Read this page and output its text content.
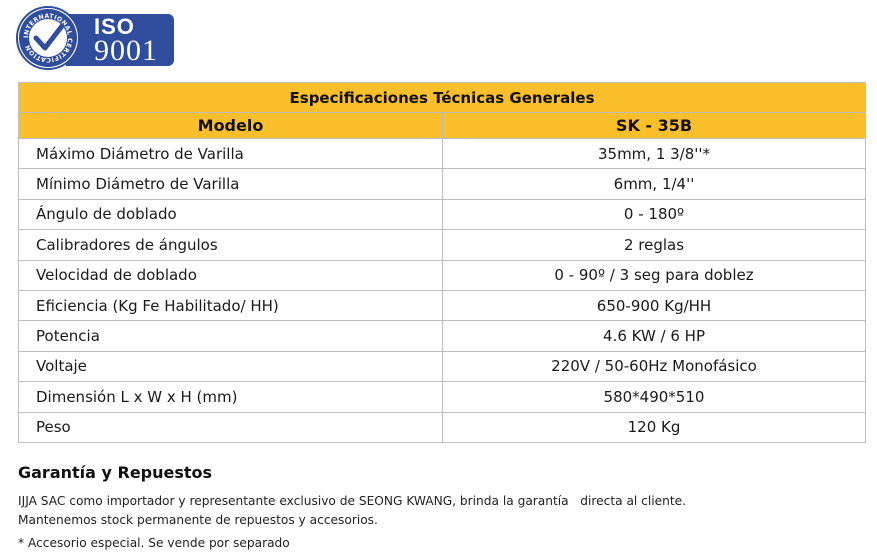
INTERNATIONAL CERTIFICATION
ISO
9001
Especificaciones Técnicas Generales	
Modelo	SK - 35B
Máximo Diámetro de Varilla	35mm, 1 3/8''*
Mínimo Diámetro de Varilla	6mm, 1/4''
Ángulo de doblado	0 - 180º
Calibradores de ángulos	2 reglas
Velocidad de doblado	0 - 90º / 3 seg para doblez
Eficiencia (Kg Fe Habilitado/ HH)	650-900 Kg/HH
Potencia	4.6 KW / 6 HP
Voltaje	220V / 50-60Hz Monofásico
Dimensión L x W x H (mm)	580*490*510
Peso	120 Kg
Garantía y Repuestos
IJJA SAC como importador y representante exclusivo de SEONG KWANG, brinda la garantía   directa al cliente.
Mantenemos stock permanente de repuestos y accesorios.
* Accesorio especial. Se vende por separado
